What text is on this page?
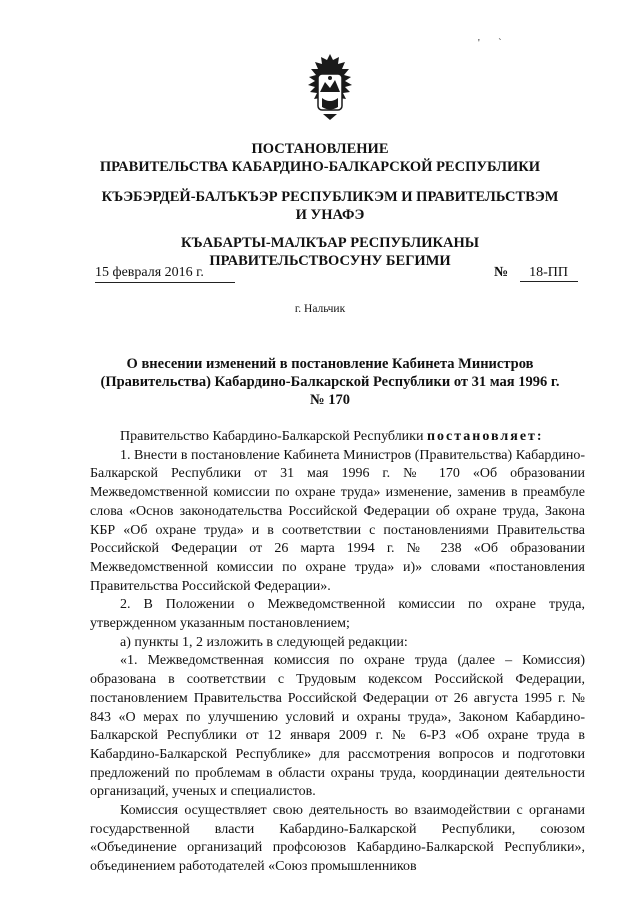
' `
ПОСТАНОВЛЕНИЕ
ПРАВИТЕЛЬСТВА КАБАРДИНО-БАЛКАРСКОЙ РЕСПУБЛИКИ
КЪЭБЭРДЕЙ-БАЛЪКЪЭР РЕСПУБЛИКЭМ И ПРАВИТЕЛЬСТВЭМ И УНАФЭ
КЪАБАРТЫ-МАЛКЪАР РЕСПУБЛИКАНЫ ПРАВИТЕЛЬСТВОСУНУ БЕГИМИ
15 февраля 2016 г.	№ 18-ПП
г. Нальчик
О внесении изменений в постановление Кабинета Министров (Правительства) Кабардино-Балкарской Республики от 31 мая 1996 г. № 170

Правительство Кабардино-Балкарской Республики постановляет:

1. Внести в постановление Кабинета Министров (Правительства) Кабардино-Балкарской Республики от 31 мая 1996 г. № 170 «Об образовании Межведомственной комиссии по охране труда» изменение, заменив в преамбуле слова «Основ законодательства Российской Федерации об охране труда, Закона КБР «Об охране труда» и в соответствии с постановлениями Правительства Российской Федерации от 26 марта 1994 г. № 238 «Об образовании Межведомственной комиссии по охране труда» и)» словами «постановления Правительства Российской Федерации».

2. В Положении о Межведомственной комиссии по охране труда, утвержденном указанным постановлением;

а) пункты 1, 2 изложить в следующей редакции:

«1. Межведомственная комиссия по охране труда (далее – Комиссия) образована в соответствии с Трудовым кодексом Российской Федерации, постановлением Правительства Российской Федерации от 26 августа 1995 г. № 843 «О мерах по улучшению условий и охраны труда», Законом Кабардино-Балкарской Республики от 12 января 2009 г. № 6-РЗ «Об охране труда в Кабардино-Балкарской Республике» для рассмотрения вопросов и подготовки предложений по проблемам в области охраны труда, координации деятельности организаций, ученых и специалистов.

Комиссия осуществляет свою деятельность во взаимодействии с органами государственной власти Кабардино-Балкарской Республики, союзом «Объединение организаций профсоюзов Кабардино-Балкарской Республики», объединением работодателей «Союз промышленников
